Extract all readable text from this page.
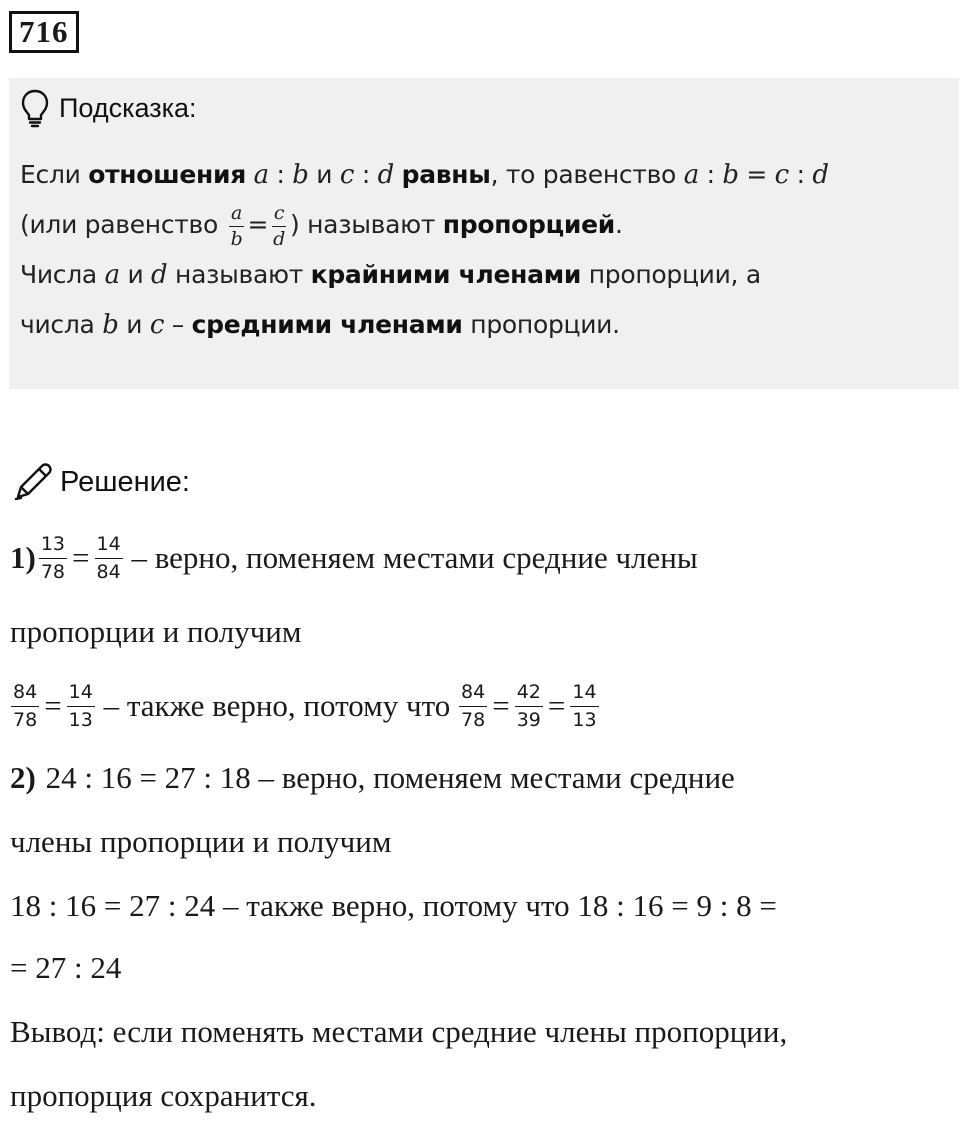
716
Подсказка:
Если отношения a : b и c : d равны, то равенство a : b = c : d
(или равенство $\frac{a}{b} = \frac{c}{d}$ ) называют пропорцией.
Числа a и d называют крайними членами пропорции, а
числа b и c – средними членами пропорции.
Решение:
$1) \frac{13}{78} = \frac{14}{84}$ – верно, поменяем местами средние члены
пропорции и получим
$\frac{84}{78} = \frac{14}{13}$ – также верно, потому что $\frac{84}{78} = \frac{42}{39} = \frac{14}{13}$
2) 24 : 16 = 27 : 18 – верно, поменяем местами средние
члены пропорции и получим
18 : 16 = 27 : 24 – также верно, потому что 18 : 16 = 9 : 8 =
= 27 : 24
Вывод: если поменять местами средние члены пропорции,
пропорция сохранится.
